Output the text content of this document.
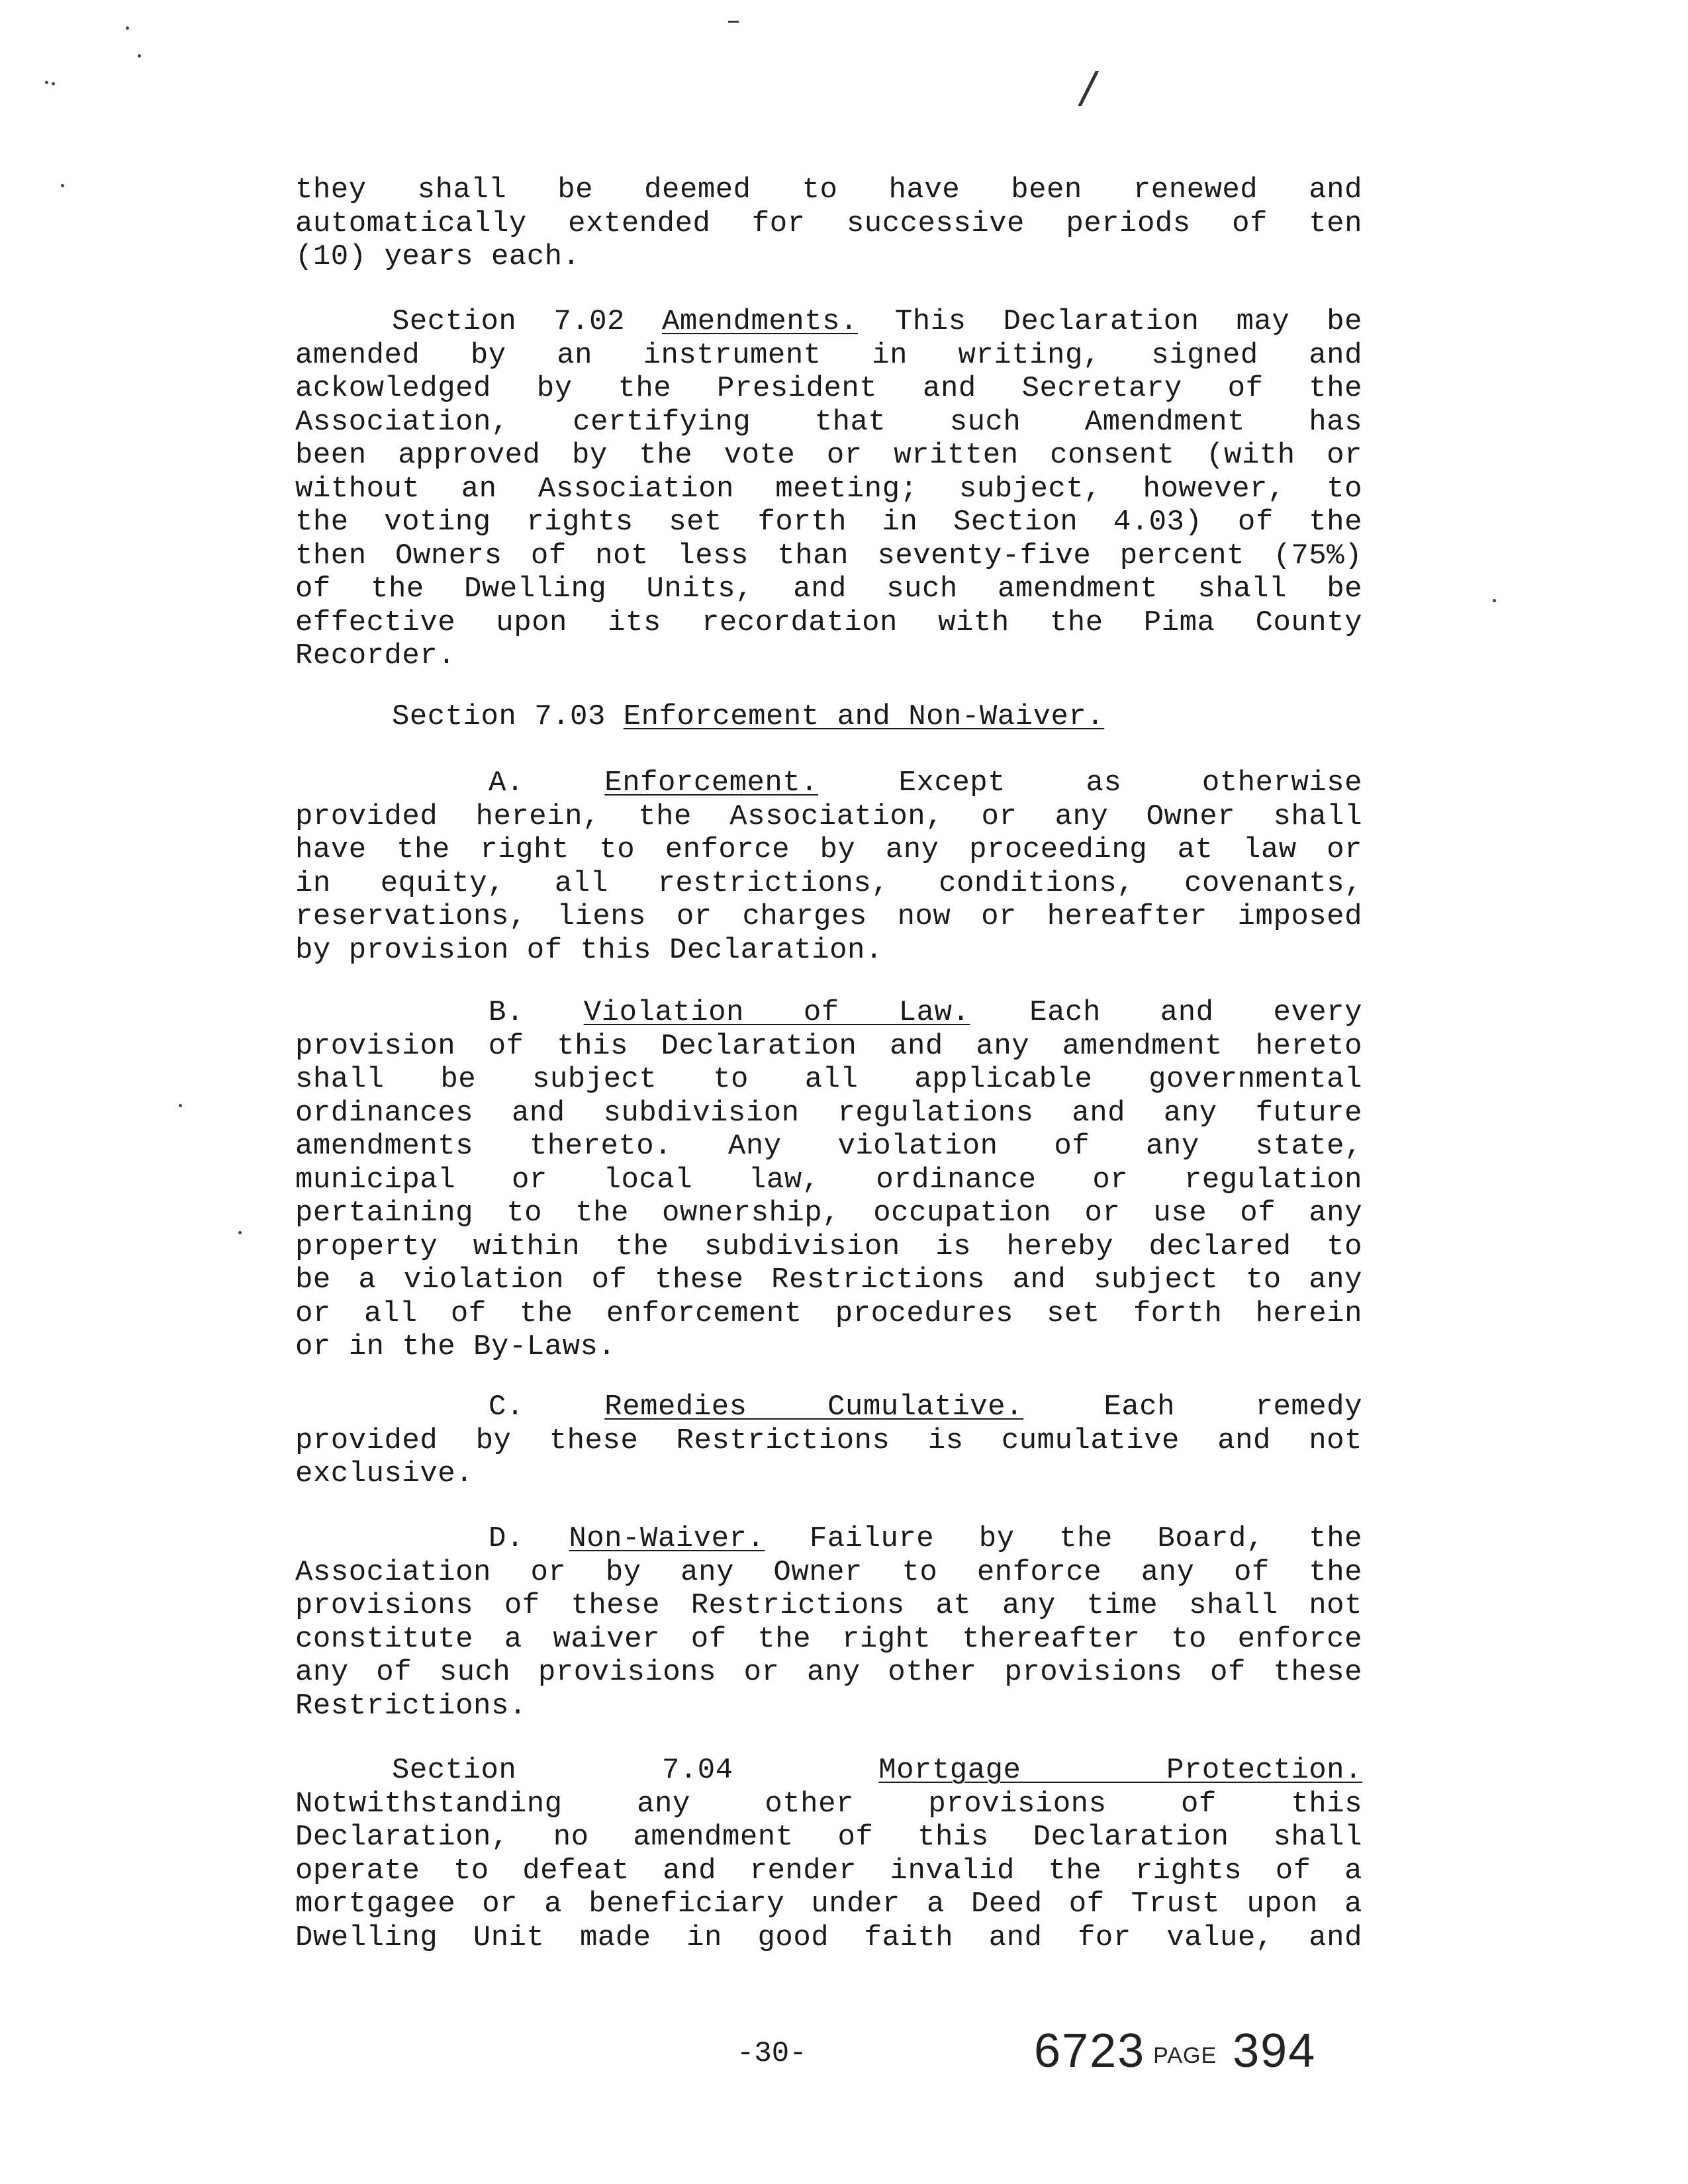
–
/
they shall be deemed to have been renewed and
automatically extended for successive periods of ten
(10) years each.
Section 7.02 Amendments. This Declaration may be
amended by an instrument in writing, signed and
ackowledged by the President and Secretary of the
Association, certifying that such Amendment has
been approved by the vote or written consent (with or
without an Association meeting; subject, however, to
the voting rights set forth in Section 4.03) of the
then Owners of not less than seventy-five percent (75%)
of the Dwelling Units, and such amendment shall be
effective upon its recordation with the Pima County
Recorder.
Section 7.03 Enforcement and Non-Waiver.
A. Enforcement. Except as otherwise
provided herein, the Association, or any Owner shall
have the right to enforce by any proceeding at law or
in equity, all restrictions, conditions, covenants,
reservations, liens or charges now or hereafter imposed
by provision of this Declaration.
B. Violation of Law. Each and every
provision of this Declaration and any amendment hereto
shall be subject to all applicable governmental
ordinances and subdivision regulations and any future
amendments thereto. Any violation of any state,
municipal or local law, ordinance or regulation
pertaining to the ownership, occupation or use of any
property within the subdivision is hereby declared to
be a violation of these Restrictions and subject to any
or all of the enforcement procedures set forth herein
or in the By-Laws.
C. Remedies Cumulative. Each remedy
provided by these Restrictions is cumulative and not
exclusive.
D. Non-Waiver. Failure by the Board, the
Association or by any Owner to enforce any of the
provisions of these Restrictions at any time shall not
constitute a waiver of the right thereafter to enforce
any of such provisions or any other provisions of these
Restrictions.
Section 7.04 Mortgage Protection.
Notwithstanding any other provisions of this
Declaration, no amendment of this Declaration shall
operate to defeat and render invalid the rights of a
mortgagee or a beneficiary under a Deed of Trust upon a
Dwelling Unit made in good faith and for value, and
-30-	6723 PAGE 394
